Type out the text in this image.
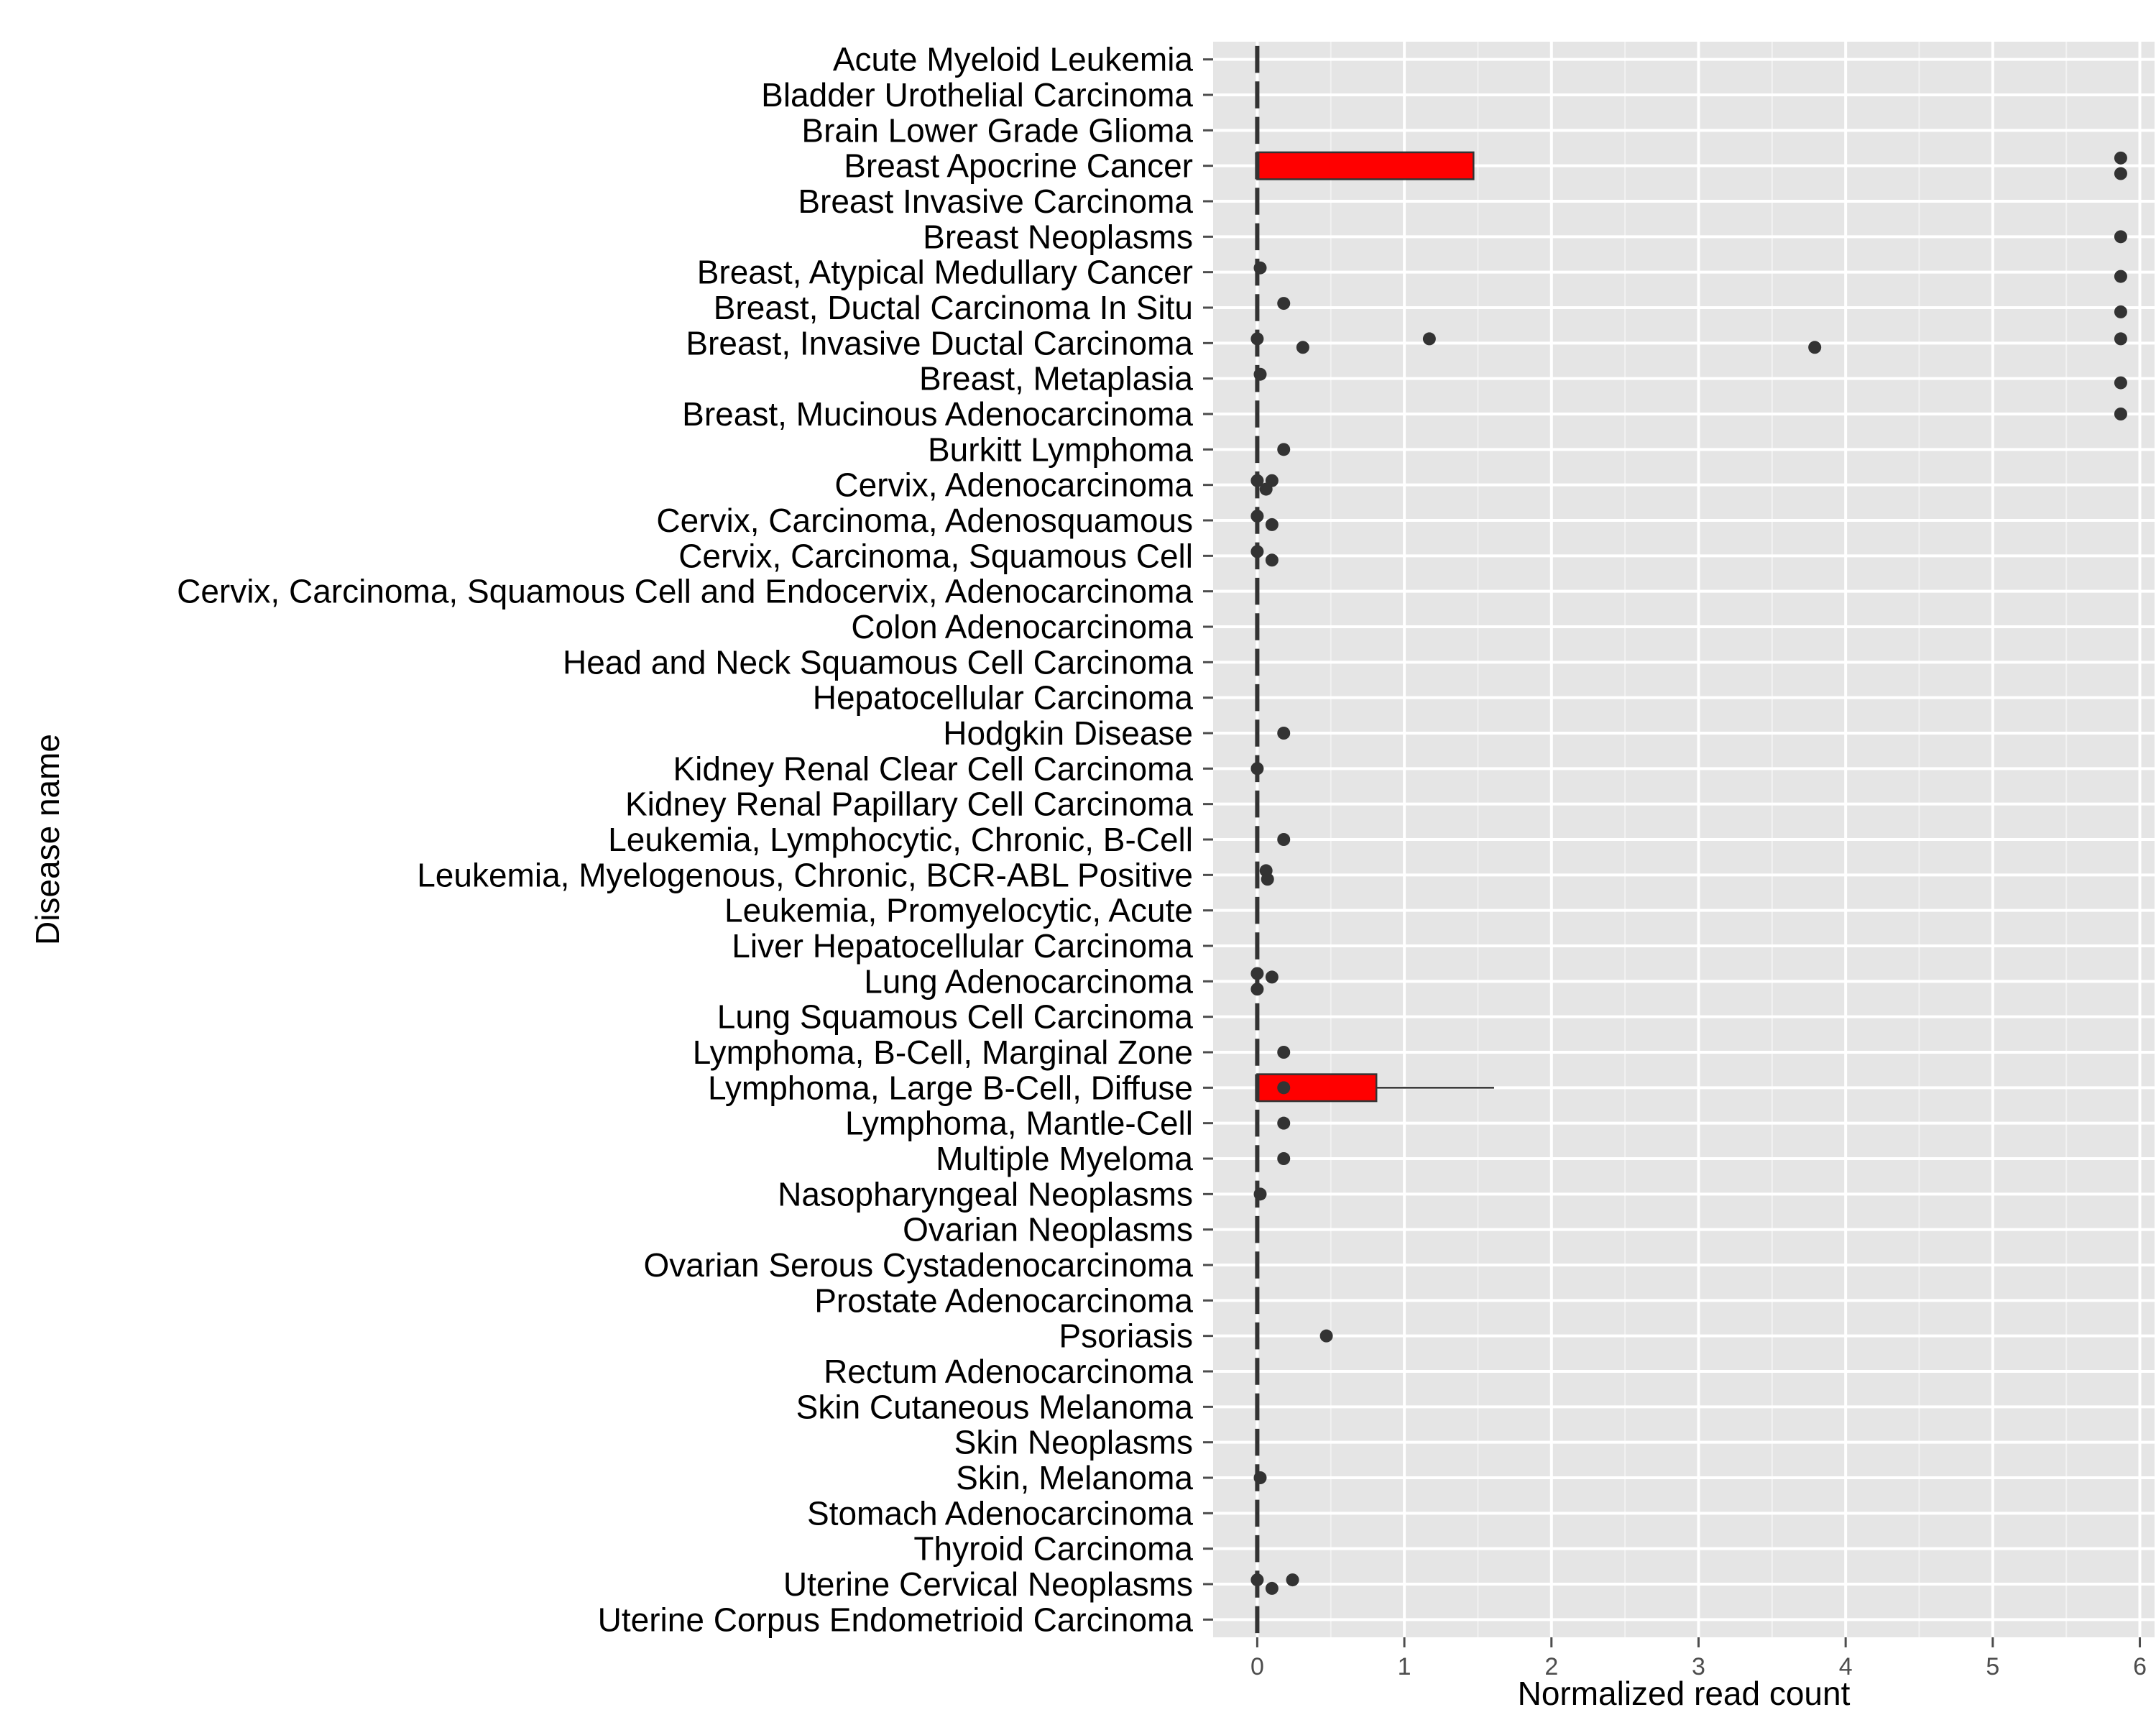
Acute Myeloid Leukemia
Bladder Urothelial Carcinoma
Brain Lower Grade Glioma
Breast Apocrine Cancer
Breast Invasive Carcinoma
Breast Neoplasms
Breast, Atypical Medullary Cancer
Breast, Ductal Carcinoma In Situ
Breast, Invasive Ductal Carcinoma
Breast, Metaplasia
Breast, Mucinous Adenocarcinoma
Burkitt Lymphoma
Cervix, Adenocarcinoma
Cervix, Carcinoma, Adenosquamous
Cervix, Carcinoma, Squamous Cell
Cervix, Carcinoma, Squamous Cell and Endocervix, Adenocarcinoma
Colon Adenocarcinoma
Head and Neck Squamous Cell Carcinoma
Hepatocellular Carcinoma
Hodgkin Disease
Kidney Renal Clear Cell Carcinoma
Kidney Renal Papillary Cell Carcinoma
Leukemia, Lymphocytic, Chronic, B-Cell
Leukemia, Myelogenous, Chronic, BCR-ABL Positive
Leukemia, Promyelocytic, Acute
Liver Hepatocellular Carcinoma
Lung Adenocarcinoma
Lung Squamous Cell Carcinoma
Lymphoma, B-Cell, Marginal Zone
Lymphoma, Large B-Cell, Diffuse
Lymphoma, Mantle-Cell
Multiple Myeloma
Nasopharyngeal Neoplasms
Ovarian Neoplasms
Ovarian Serous Cystadenocarcinoma
Prostate Adenocarcinoma
Psoriasis
Rectum Adenocarcinoma
Skin Cutaneous Melanoma
Skin Neoplasms
Skin, Melanoma
Stomach Adenocarcinoma
Thyroid Carcinoma
Uterine Cervical Neoplasms
Uterine Corpus Endometrioid Carcinoma
0	1	2	3	4	5	6
Normalized read count
Disease name
